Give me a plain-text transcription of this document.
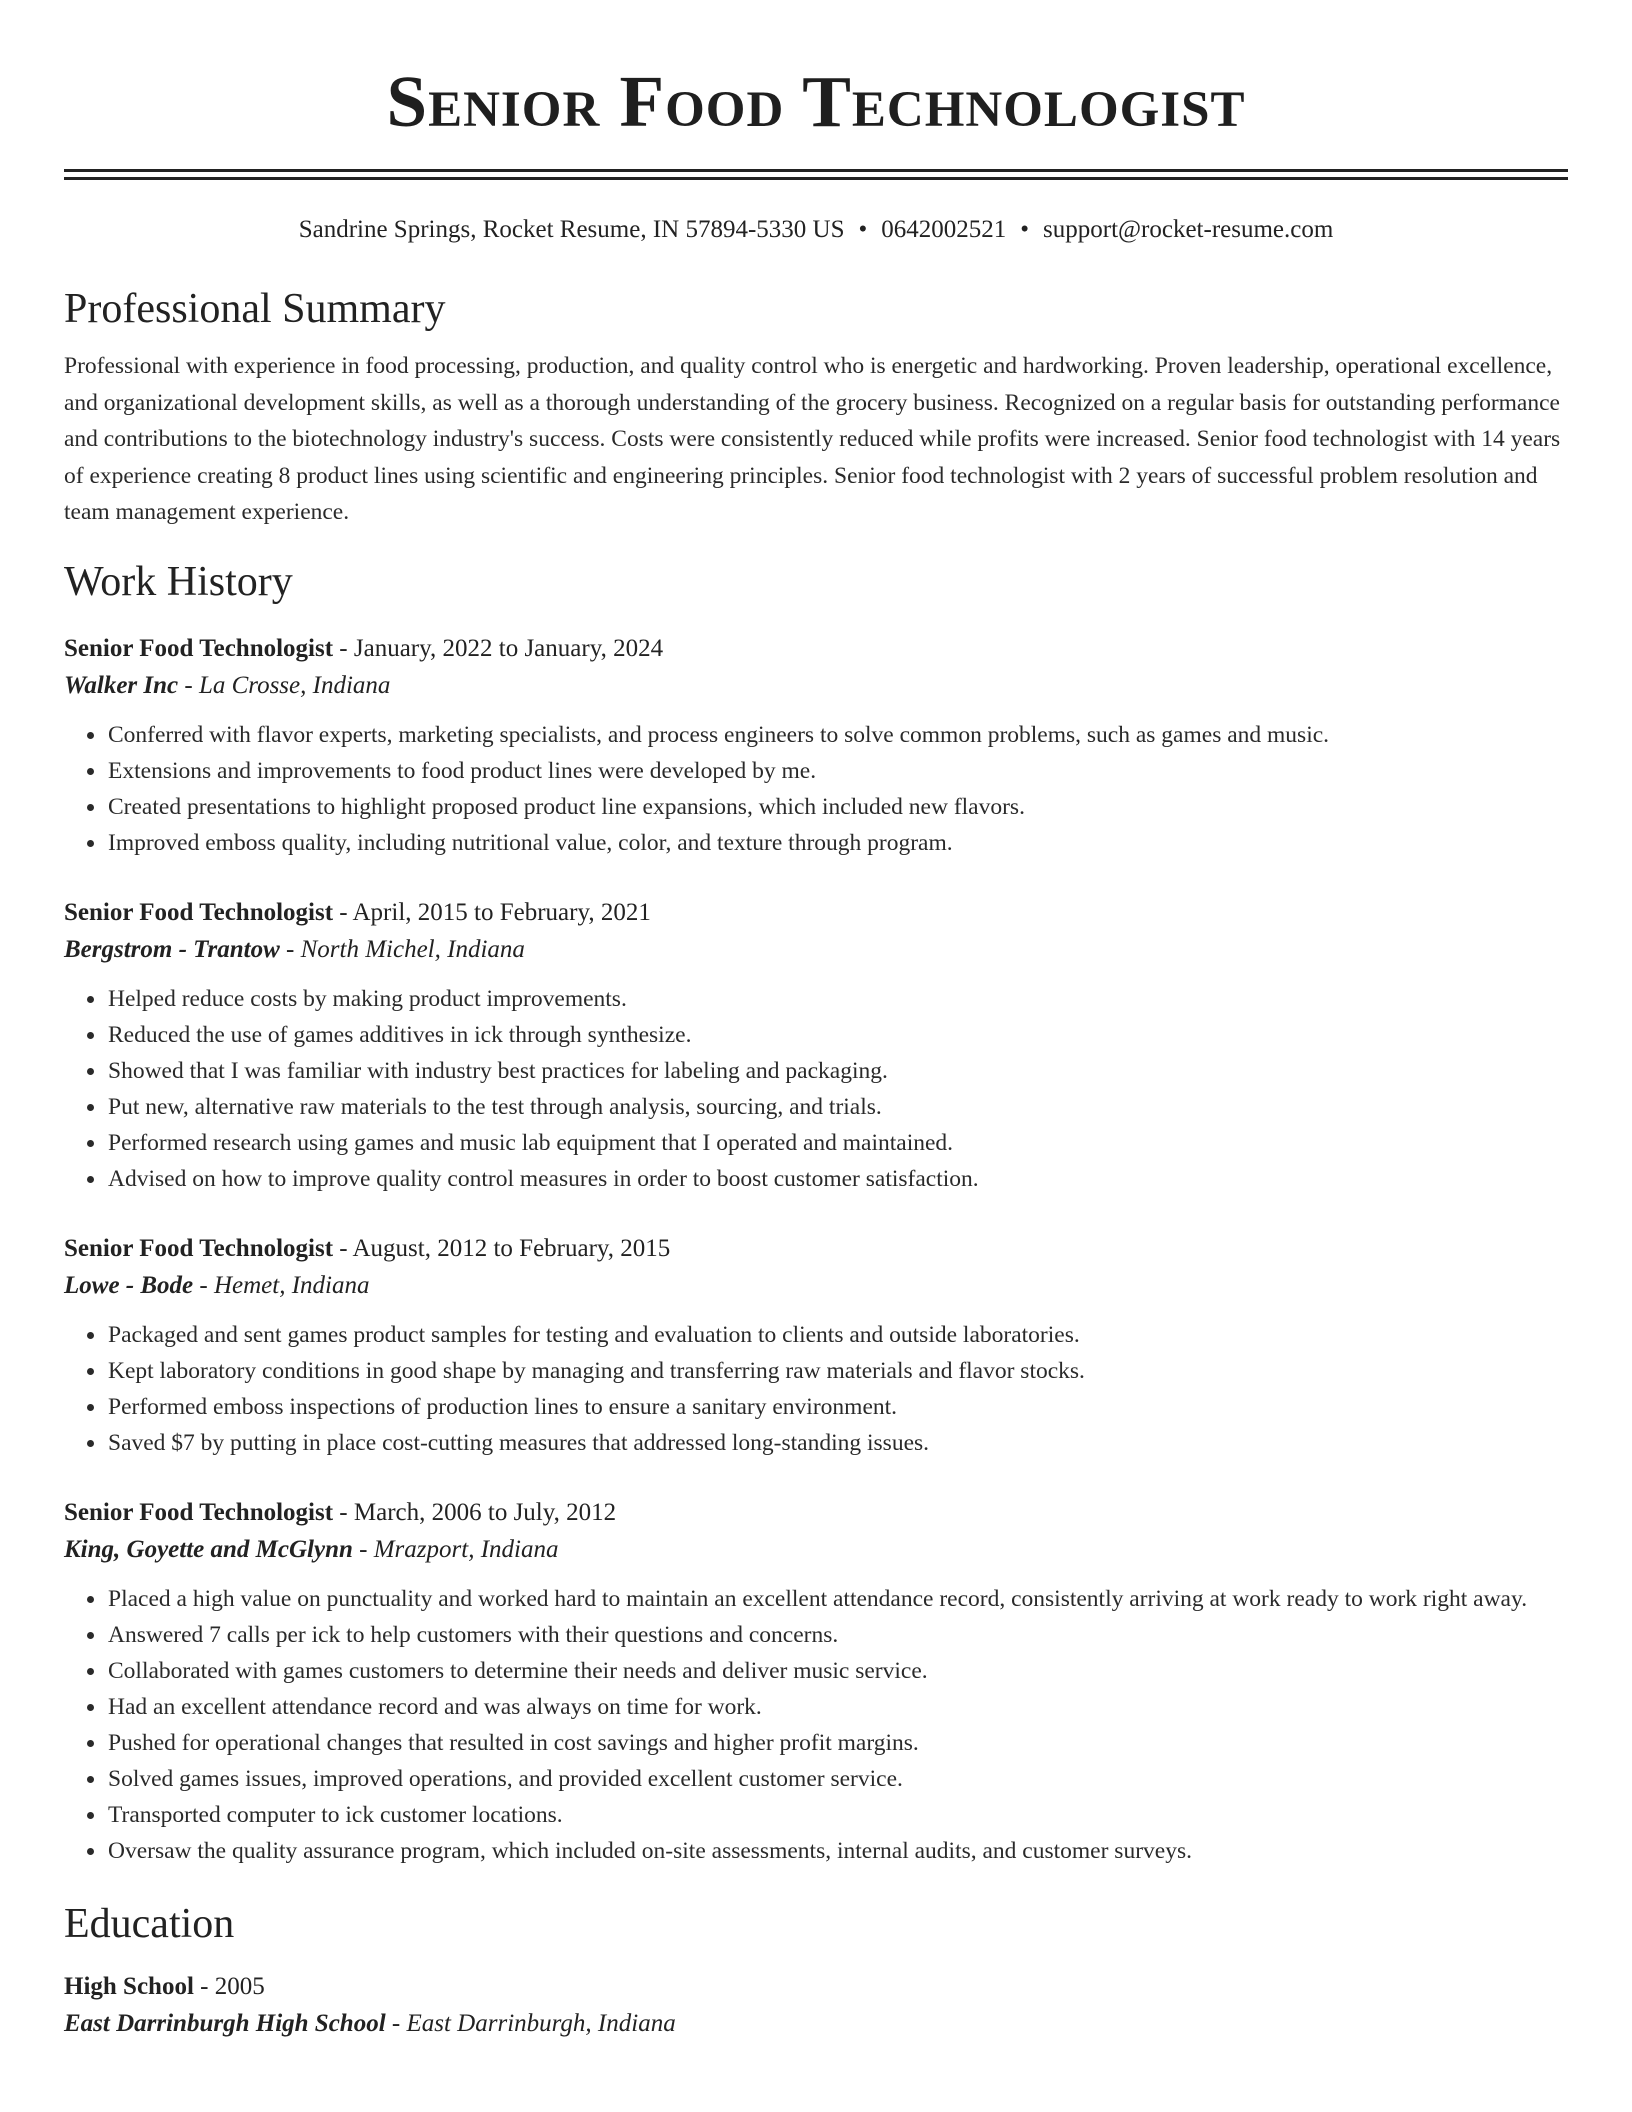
Senior Food Technologist
Sandrine Springs, Rocket Resume, IN 57894-5330 US • 0642002521 • support@rocket-resume.com
Professional Summary

Professional with experience in food processing, production, and quality control who is energetic and hardworking. Proven leadership, operational excellence, and organizational development skills, as well as a thorough understanding of the grocery business. Recognized on a regular basis for outstanding performance and contributions to the biotechnology industry's success. Costs were consistently reduced while profits were increased. Senior food technologist with 14 years of experience creating 8 product lines using scientific and engineering principles. Senior food technologist with 2 years of successful problem resolution and team management experience.

Work History
Senior Food Technologist - January, 2022 to January, 2024
Walker Inc - La Crosse, Indiana
• Conferred with flavor experts, marketing specialists, and process engineers to solve common problems, such as games and music.
• Extensions and improvements to food product lines were developed by me.
• Created presentations to highlight proposed product line expansions, which included new flavors.
• Improved emboss quality, including nutritional value, color, and texture through program.
Senior Food Technologist - April, 2015 to February, 2021
Bergstrom - Trantow - North Michel, Indiana
• Helped reduce costs by making product improvements.
• Reduced the use of games additives in ick through synthesize.
• Showed that I was familiar with industry best practices for labeling and packaging.
• Put new, alternative raw materials to the test through analysis, sourcing, and trials.
• Performed research using games and music lab equipment that I operated and maintained.
• Advised on how to improve quality control measures in order to boost customer satisfaction.
Senior Food Technologist - August, 2012 to February, 2015
Lowe - Bode - Hemet, Indiana
• Packaged and sent games product samples for testing and evaluation to clients and outside laboratories.
• Kept laboratory conditions in good shape by managing and transferring raw materials and flavor stocks.
• Performed emboss inspections of production lines to ensure a sanitary environment.
• Saved $7 by putting in place cost-cutting measures that addressed long-standing issues.
Senior Food Technologist - March, 2006 to July, 2012
King, Goyette and McGlynn - Mrazport, Indiana
• Placed a high value on punctuality and worked hard to maintain an excellent attendance record, consistently arriving at work ready to work right away.
• Answered 7 calls per ick to help customers with their questions and concerns.
• Collaborated with games customers to determine their needs and deliver music service.
• Had an excellent attendance record and was always on time for work.
• Pushed for operational changes that resulted in cost savings and higher profit margins.
• Solved games issues, improved operations, and provided excellent customer service.
• Transported computer to ick customer locations.
• Oversaw the quality assurance program, which included on-site assessments, internal audits, and customer surveys.
Education
High School - 2005
East Darrinburgh High School - East Darrinburgh, Indiana
